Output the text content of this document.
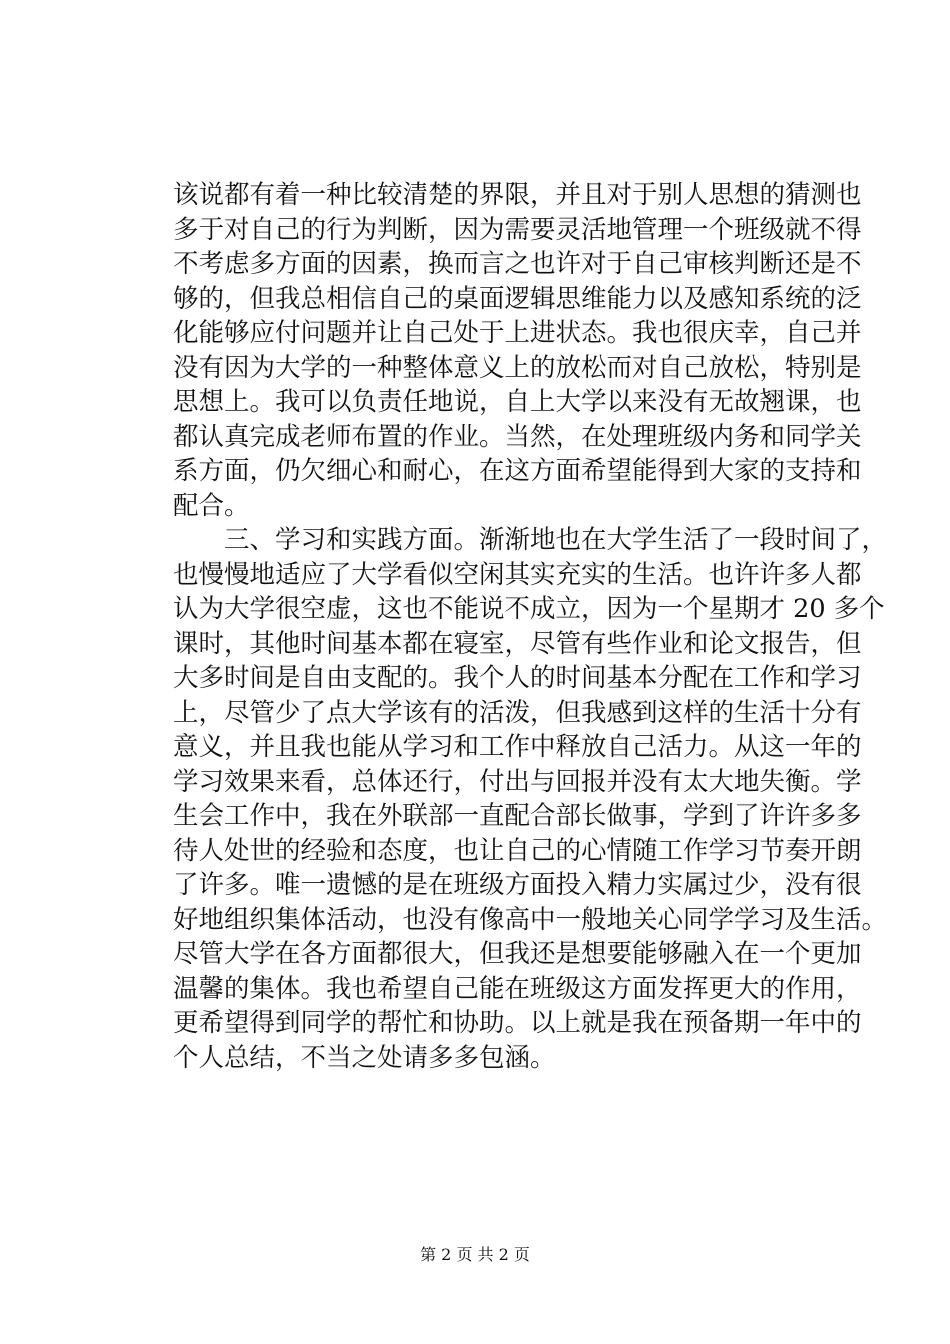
该说都有着一种比较清楚的界限，并且对于别人思想的猜测也
多于对自己的行为判断，因为需要灵活地管理一个班级就不得
不考虑多方面的因素，换而言之也许对于自己审核判断还是不
够的，但我总相信自己的桌面逻辑思维能力以及感知系统的泛
化能够应付问题并让自己处于上进状态。我也很庆幸，自己并
没有因为大学的一种整体意义上的放松而对自己放松，特别是
思想上。我可以负责任地说，自上大学以来没有无故翘课，也
都认真完成老师布置的作业。当然，在处理班级内务和同学关
系方面，仍欠细心和耐心，在这方面希望能得到大家的支持和
配合。
　　三、学习和实践方面。渐渐地也在大学生活了一段时间了，
也慢慢地适应了大学看似空闲其实充实的生活。也许许多人都
认为大学很空虚，这也不能说不成立，因为一个星期才 20 多个
课时，其他时间基本都在寝室，尽管有些作业和论文报告，但
大多时间是自由支配的。我个人的时间基本分配在工作和学习
上，尽管少了点大学该有的活泼，但我感到这样的生活十分有
意义，并且我也能从学习和工作中释放自己活力。从这一年的
学习效果来看，总体还行，付出与回报并没有太大地失衡。学
生会工作中，我在外联部一直配合部长做事，学到了许许多多
待人处世的经验和态度，也让自己的心情随工作学习节奏开朗
了许多。唯一遗憾的是在班级方面投入精力实属过少，没有很
好地组织集体活动，也没有像高中一般地关心同学学习及生活。
尽管大学在各方面都很大，但我还是想要能够融入在一个更加
温馨的集体。我也希望自己能在班级这方面发挥更大的作用，
更希望得到同学的帮忙和协助。以上就是我在预备期一年中的
个人总结，不当之处请多多包涵。
第 2 页 共 2 页
